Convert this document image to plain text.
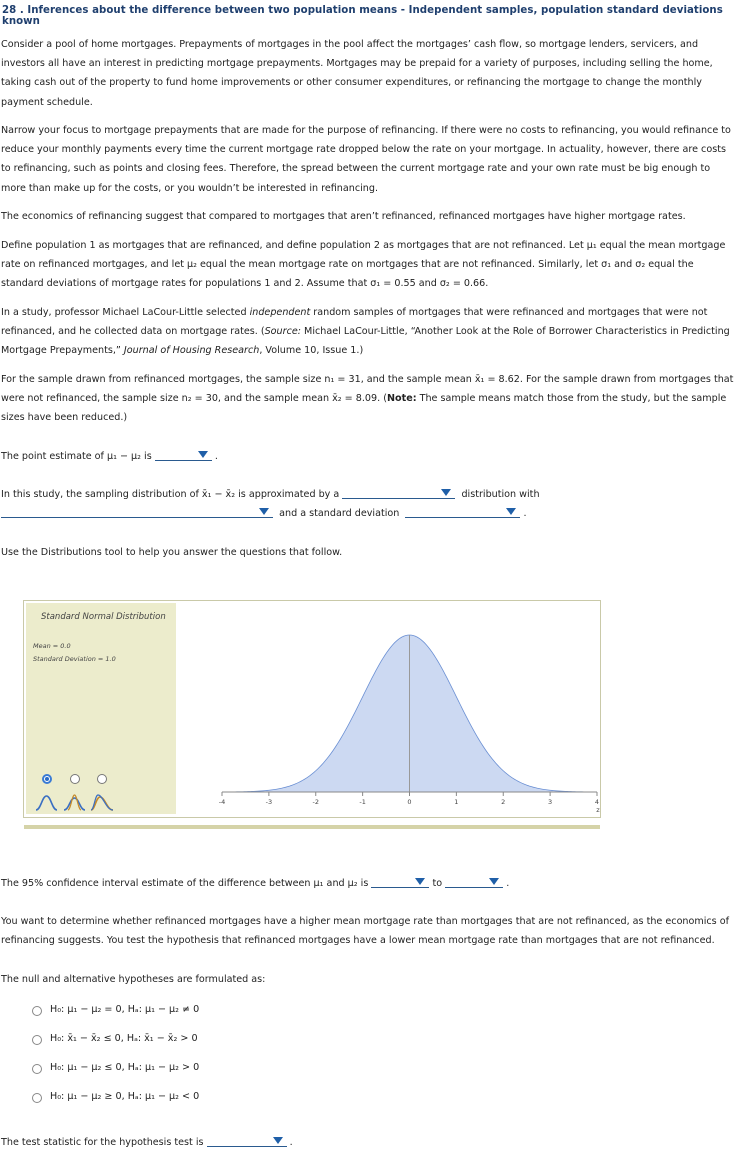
28 . Inferences about the difference between two population means - Independent samples, population standard deviations known

Consider a pool of home mortgages. Prepayments of mortgages in the pool affect the mortgages’ cash flow, so mortgage lenders, servicers, and investors all have an interest in predicting mortgage prepayments. Mortgages may be prepaid for a variety of purposes, including selling the home, taking cash out of the property to fund home improvements or other consumer expenditures, or refinancing the mortgage to change the monthly payment schedule.

Narrow your focus to mortgage prepayments that are made for the purpose of refinancing. If there were no costs to refinancing, you would refinance to reduce your monthly payments every time the current mortgage rate dropped below the rate on your mortgage. In actuality, however, there are costs to refinancing, such as points and closing fees. Therefore, the spread between the current mortgage rate and your own rate must be big enough to more than make up for the costs, or you wouldn’t be interested in refinancing.

The economics of refinancing suggest that compared to mortgages that aren’t refinanced, refinanced mortgages have higher mortgage rates.

Define population 1 as mortgages that are refinanced, and define population 2 as mortgages that are not refinanced. Let μ₁ equal the mean mortgage rate on refinanced mortgages, and let μ₂ equal the mean mortgage rate on mortgages that are not refinanced. Similarly, let σ₁ and σ₂ equal the standard deviations of mortgage rates for populations 1 and 2. Assume that σ₁ = 0.55 and σ₂ = 0.66.

In a study, professor Michael LaCour-Little selected independent random samples of mortgages that were refinanced and mortgages that were not refinanced, and he collected data on mortgage rates. (Source: Michael LaCour-Little, “Another Look at the Role of Borrower Characteristics in Predicting Mortgage Prepayments,” Journal of Housing Research, Volume 10, Issue 1.)

For the sample drawn from refinanced mortgages, the sample size n₁ = 31, and the sample mean x̄₁ = 8.62. For the sample drawn from mortgages that were not refinanced, the sample size n₂ = 30, and the sample mean x̄₂ = 8.09. (Note: The sample means match those from the study, but the sample sizes have been reduced.)

The point estimate of μ₁ − μ₂ is	.
In this study, the sampling distribution of x̄₁ − x̄₂ is approximated by a	distribution with
and a standard deviation	.
Use the Distributions tool to help you answer the questions that follow.
Standard Normal Distribution
Mean = 0.0
Standard Deviation = 1.0
-4	-3	-2	-1	0	1	2	3	4
z
The 95% confidence interval estimate of the difference between μ₁ and μ₂ is	to	.

You want to determine whether refinanced mortgages have a higher mean mortgage rate than mortgages that are not refinanced, as the economics of refinancing suggests. You test the hypothesis that refinanced mortgages have a lower mean mortgage rate than mortgages that are not refinanced.

The null and alternative hypotheses are formulated as:
H₀: μ₁ − μ₂ = 0, Hₐ: μ₁ − μ₂ ≠ 0
H₀: x̄₁ − x̄₂ ≤ 0, Hₐ: x̄₁ − x̄₂ > 0
H₀: μ₁ − μ₂ ≤ 0, Hₐ: μ₁ − μ₂ > 0
H₀: μ₁ − μ₂ ≥ 0, Hₐ: μ₁ − μ₂ < 0
The test statistic for the hypothesis test is	.
